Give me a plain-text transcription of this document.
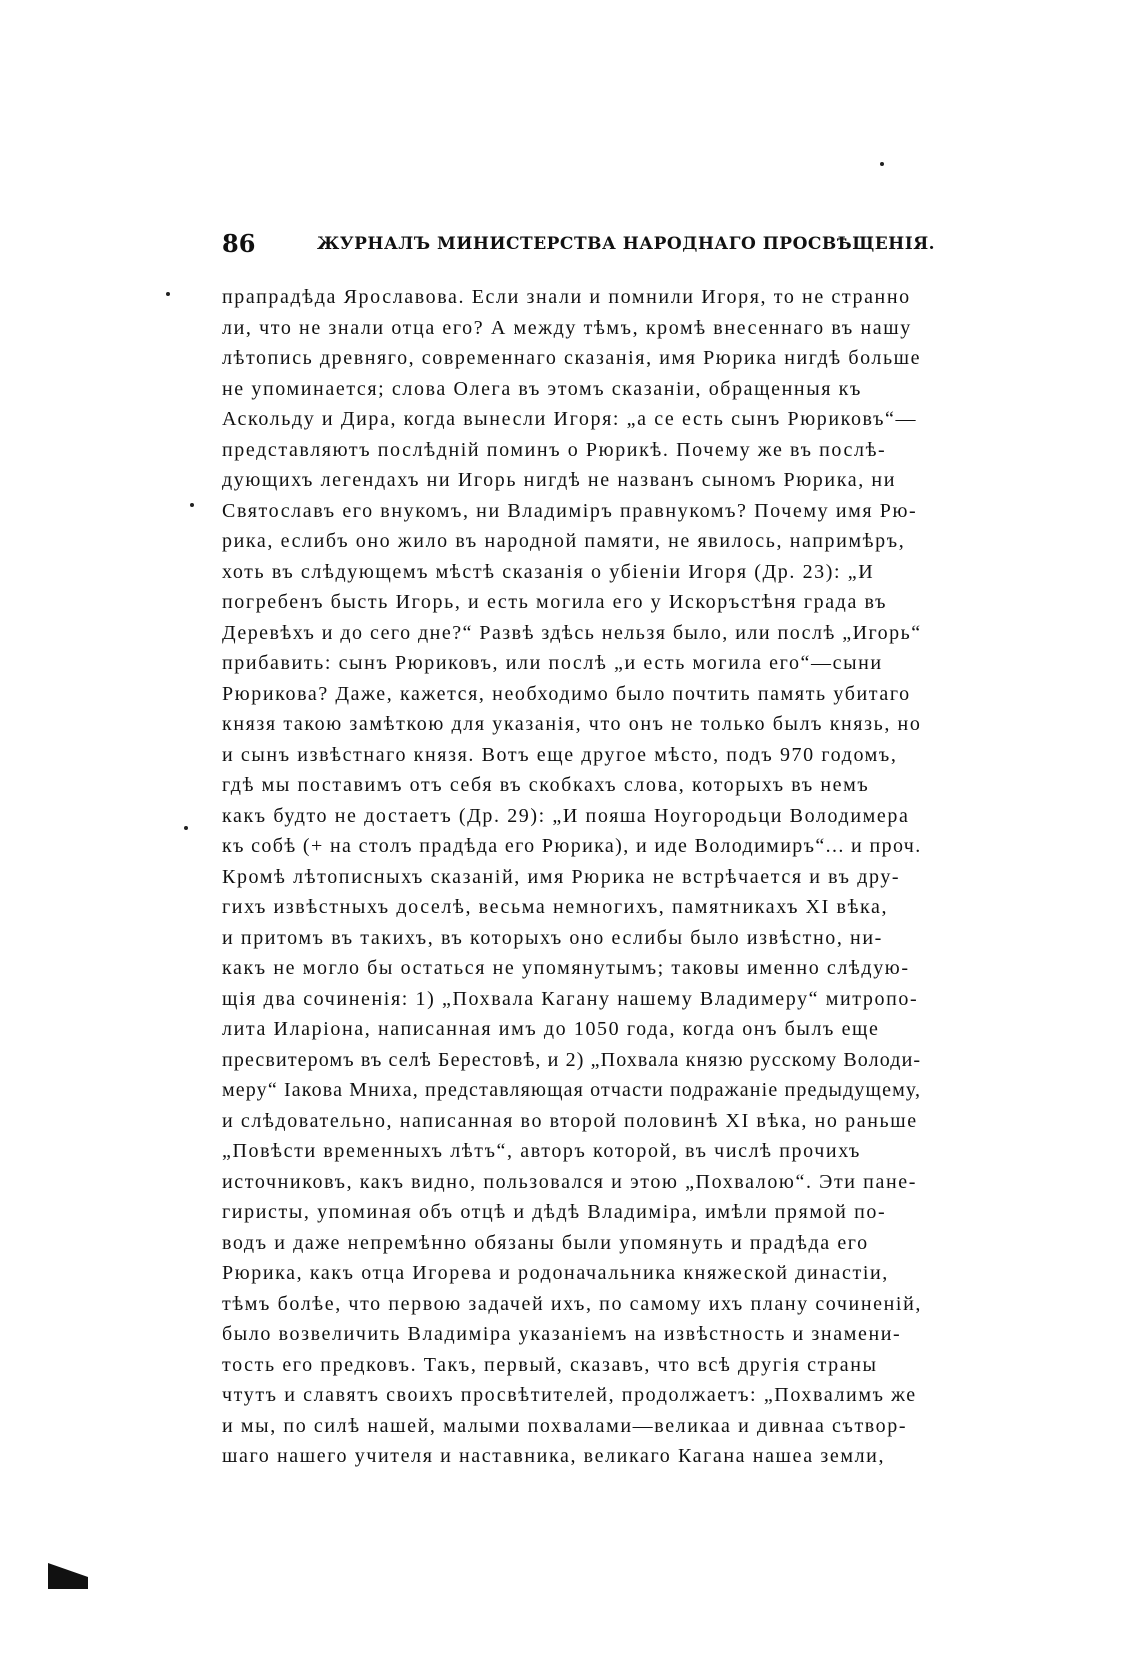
86	ЖУРНАЛЪ МИНИСТЕРСТВА НАРОДНАГО ПРОСВѢЩЕНІЯ.
прапрадѣда Ярославова. Если знали и помнили Игоря, то не странно
ли, что не знали отца его? А между тѣмъ, кромѣ внесеннаго въ нашу
лѣтопись древняго, современнаго сказанія, имя Рюрика нигдѣ больше
не упоминается; слова Олега въ этомъ сказаніи, обращенныя къ
Аскольду и Дира, когда вынесли Игоря: „а се есть сынъ Рюриковъ“—
представляютъ послѣдній поминъ о Рюрикѣ. Почему же въ послѣ-
дующихъ легендахъ ни Игорь нигдѣ не названъ сыномъ Рюрика, ни
Святославъ его внукомъ, ни Владиміръ правнукомъ? Почему имя Рю-
рика, еслибъ оно жило въ народной памяти, не явилось, напримѣръ,
хоть въ слѣдующемъ мѣстѣ сказанія о убіеніи Игоря (Др. 23): „И
погребенъ бысть Игорь, и есть могила его у Искоръстѣня града въ
Деревѣхъ и до сего дне?“ Развѣ здѣсь нельзя было, или послѣ „Игорь“
прибавить: сынъ Рюриковъ, или послѣ „и есть могила его“—сыни
Рюрикова? Даже, кажется, необходимо было почтить память убитаго
князя такою замѣткою для указанія, что онъ не только былъ князь, но
и сынъ извѣстнаго князя. Вотъ еще другое мѣсто, подъ 970 годомъ,
гдѣ мы поставимъ отъ себя въ скобкахъ слова, которыхъ въ немъ
какъ будто не достаетъ (Др. 29): „И пояша Ноугородьци Володимера
къ собѣ (+ на столъ прадѣда его Рюрика), и иде Володимиръ“... и проч.
Кромѣ лѣтописныхъ сказаній, имя Рюрика не встрѣчается и въ дру-
гихъ извѣстныхъ доселѣ, весьма немногихъ, памятникахъ XI вѣка,
и притомъ въ такихъ, въ которыхъ оно еслибы было извѣстно, ни-
какъ не могло бы остаться не упомянутымъ; таковы именно слѣдую-
щія два сочиненія: 1) „Похвала Кагану нашему Владимеру“ митропо-
лита Иларіона, написанная имъ до 1050 года, когда онъ былъ еще
пресвитеромъ въ селѣ Берестовѣ, и 2) „Похвала князю русскому Володи-
меру“ Іакова Мниха, представляющая отчасти подражаніе предыдущему,
и слѣдовательно, написанная во второй половинѣ XI вѣка, но раньше
„Повѣсти временныхъ лѣтъ“, авторъ которой, въ числѣ прочихъ
источниковъ, какъ видно, пользовался и этою „Похвалою“. Эти пане-
гиристы, упоминая объ отцѣ и дѣдѣ Владиміра, имѣли прямой по-
водъ и даже непремѣнно обязаны были упомянуть и прадѣда его
Рюрика, какъ отца Игорева и родоначальника княжеской династіи,
тѣмъ болѣе, что первою задачей ихъ, по самому ихъ плану сочиненій,
было возвеличить Владиміра указаніемъ на извѣстность и знамени-
тость его предковъ. Такъ, первый, сказавъ, что всѣ другія страны
чтутъ и славятъ своихъ просвѣтителей, продолжаетъ: „Похвалимъ же
и мы, по силѣ нашей, малыми похвалами—великаа и дивнаа сътвор-
шаго нашего учителя и наставника, великаго Кагана нашеа земли,
